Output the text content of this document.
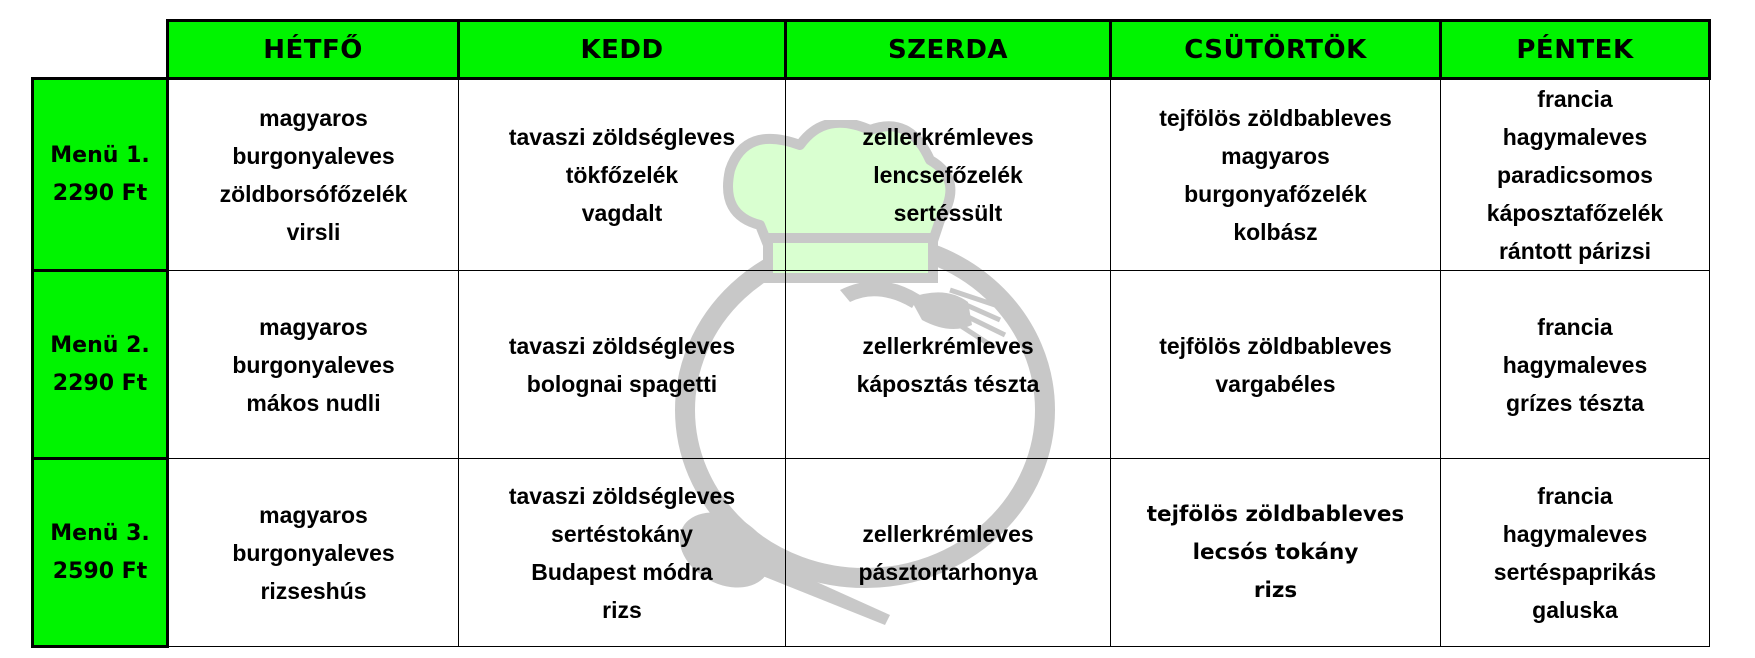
	HÉTFŐ	KEDD	SZERDA	CSÜTÖRTÖK	PÉNTEK

Menü 1.
2290 Ft	magyaros
burgonyaleves
zöldborsófőzelék
virsli	tavaszi zöldségleves
tökfőzelék
vagdalt	zellerkrémleves
lencsefőzelék
sertéssült	tejfölös zöldbableves
magyaros
burgonyafőzelék
kolbász	francia
hagymaleves
paradicsomos
káposztafőzelék
rántott párizsi

Menü 2.
2290 Ft	magyaros
burgonyaleves
mákos nudli	tavaszi zöldségleves
bolognai spagetti	zellerkrémleves
káposztás tészta	tejfölös zöldbableves
vargabéles	francia
hagymaleves
grízes tészta

Menü 3.
2590 Ft	magyaros
burgonyaleves
rizseshús	tavaszi zöldségleves
sertéstokány
Budapest módra
rizs	zellerkrémleves
pásztortarhonya	tejfölös zöldbableves
lecsós tokány
rizs	francia
hagymaleves
sertéspaprikás
galuska
